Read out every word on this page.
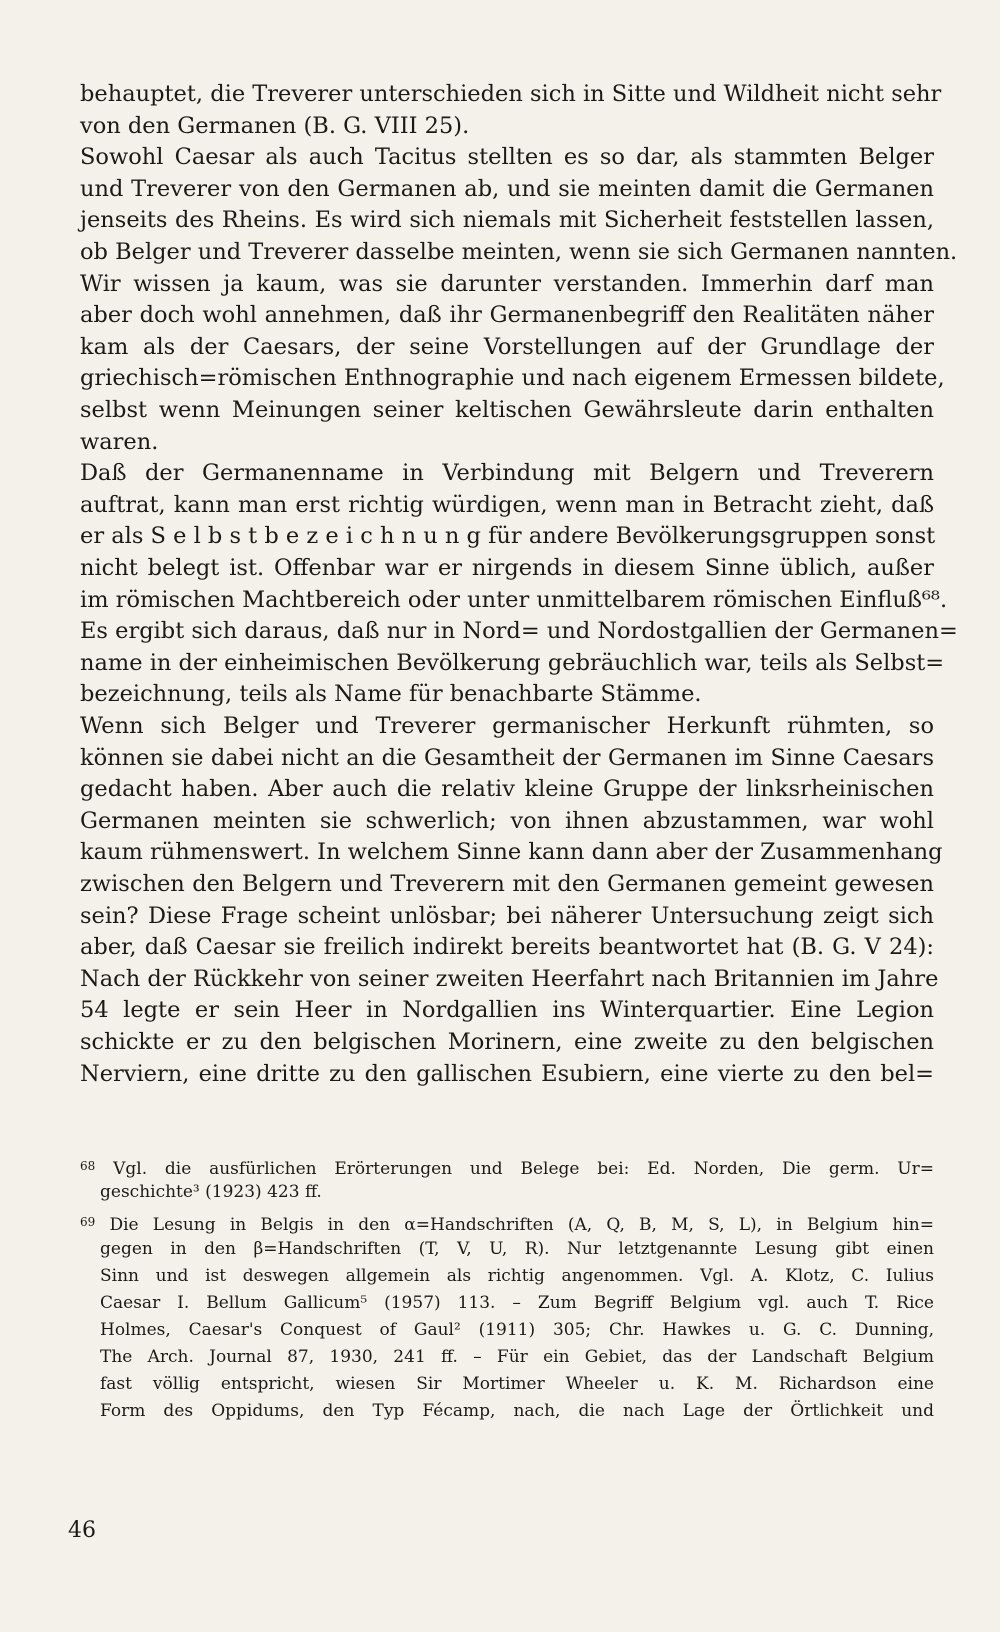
behauptet, die Treverer unterschieden sich in Sitte und Wildheit nicht sehr
von den Germanen (B. G. VIII 25).
Sowohl Caesar als auch Tacitus stellten es so dar, als stammten Belger
und Treverer von den Germanen ab, und sie meinten damit die Germanen
jenseits des Rheins. Es wird sich niemals mit Sicherheit feststellen lassen,
ob Belger und Treverer dasselbe meinten, wenn sie sich Germanen nannten.
Wir wissen ja kaum, was sie darunter verstanden. Immerhin darf man
aber doch wohl annehmen, daß ihr Germanenbegriff den Realitäten näher
kam als der Caesars, der seine Vorstellungen auf der Grundlage der
griechisch=römischen Enthnographie und nach eigenem Ermessen bildete,
selbst wenn Meinungen seiner keltischen Gewährsleute darin enthalten
waren.
Daß der Germanenname in Verbindung mit Belgern und Treverern
auftrat, kann man erst richtig würdigen, wenn man in Betracht zieht, daß
er als S e l b s t b e z e i c h n u n g für andere Bevölkerungsgruppen sonst
nicht belegt ist. Offenbar war er nirgends in diesem Sinne üblich, außer
im römischen Machtbereich oder unter unmittelbarem römischen Einfluß⁶⁸.
Es ergibt sich daraus, daß nur in Nord= und Nordostgallien der Germanen=
name in der einheimischen Bevölkerung gebräuchlich war, teils als Selbst=
bezeichnung, teils als Name für benachbarte Stämme.
Wenn sich Belger und Treverer germanischer Herkunft rühmten, so
können sie dabei nicht an die Gesamtheit der Germanen im Sinne Caesars
gedacht haben. Aber auch die relativ kleine Gruppe der linksrheinischen
Germanen meinten sie schwerlich; von ihnen abzustammen, war wohl
kaum rühmenswert. In welchem Sinne kann dann aber der Zusammenhang
zwischen den Belgern und Treverern mit den Germanen gemeint gewesen
sein? Diese Frage scheint unlösbar; bei näherer Untersuchung zeigt sich
aber, daß Caesar sie freilich indirekt bereits beantwortet hat (B. G. V 24):
Nach der Rückkehr von seiner zweiten Heerfahrt nach Britannien im Jahre
54 legte er sein Heer in Nordgallien ins Winterquartier. Eine Legion
schickte er zu den belgischen Morinern, eine zweite zu den belgischen
Nerviern, eine dritte zu den gallischen Esubiern, eine vierte zu den bel=
$^{68}$ Vgl. die ausfürlichen Erörterungen und Belege bei: Ed. Norden, Die germ. Ur=
geschichte³ (1923) 423 ff.
$^{69}$ Die Lesung in Belgis in den α=Handschriften (A, Q, B, M, S, L), in Belgium hin=
gegen in den β=Handschriften (T, V, U, R). Nur letztgenannte Lesung gibt einen
Sinn und ist deswegen allgemein als richtig angenommen. Vgl. A. Klotz, C. Iulius
Caesar I. Bellum Gallicum⁵ (1957) 113. – Zum Begriff Belgium vgl. auch T. Rice
Holmes, Caesar's Conquest of Gaul² (1911) 305; Chr. Hawkes u. G. C. Dunning,
The Arch. Journal 87, 1930, 241 ff. – Für ein Gebiet, das der Landschaft Belgium
fast völlig entspricht, wiesen Sir Mortimer Wheeler u. K. M. Richardson eine
Form des Oppidums, den Typ Fécamp, nach, die nach Lage der Örtlichkeit und
46
